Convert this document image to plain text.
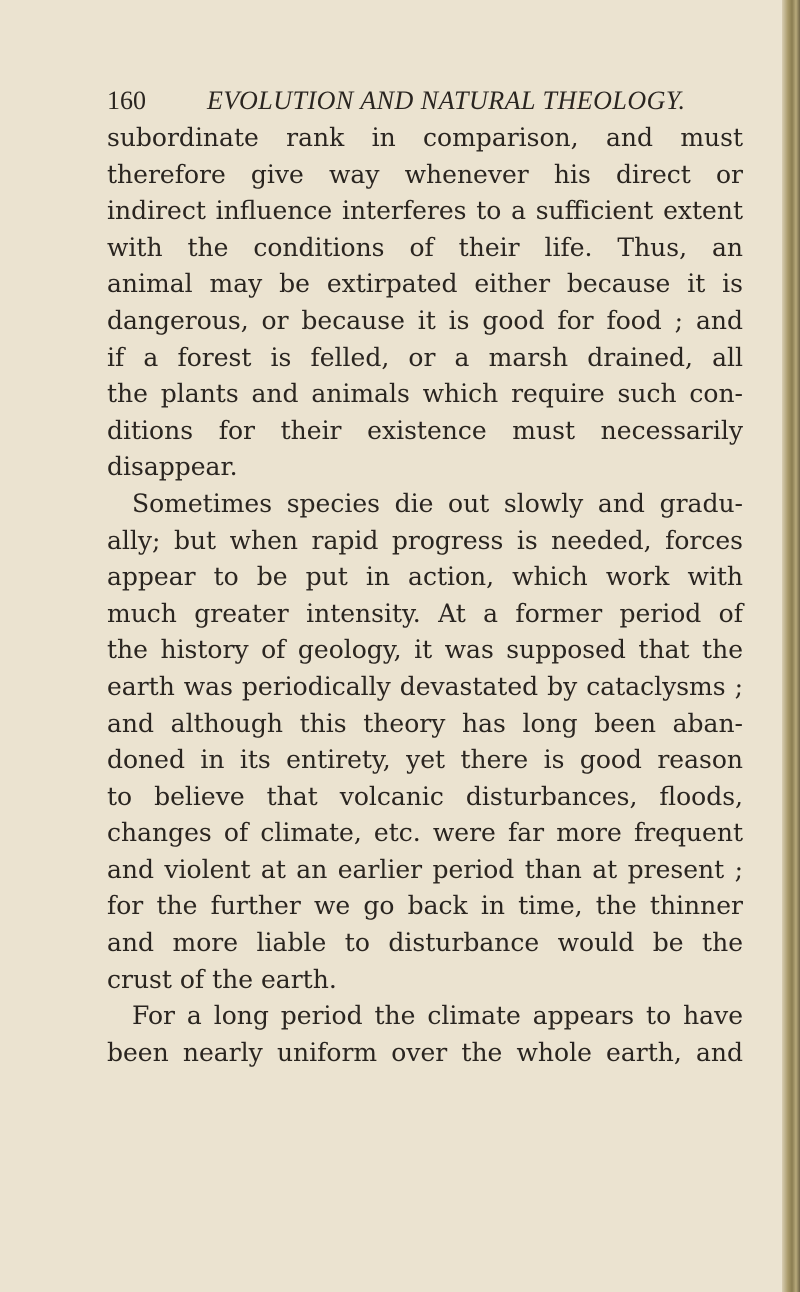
160 EVOLUTION AND NATURAL THEOLOGY.
subordinate rank in comparison, and must
therefore give way whenever his direct or
indirect influence interferes to a sufficient extent
with the conditions of their life. Thus, an
animal may be extirpated either because it is
dangerous, or because it is good for food ; and
if a forest is felled, or a marsh drained, all
the plants and animals which require such con-
ditions for their existence must necessarily
disappear.
Sometimes species die out slowly and gradu-
ally; but when rapid progress is needed, forces
appear to be put in action, which work with
much greater intensity. At a former period of
the history of geology, it was supposed that the
earth was periodically devastated by cataclysms ;
and although this theory has long been aban-
doned in its entirety, yet there is good reason
to believe that volcanic disturbances, floods,
changes of climate, etc. were far more frequent
and violent at an earlier period than at present ;
for the further we go back in time, the thinner
and more liable to disturbance would be the
crust of the earth.
For a long period the climate appears to have
been nearly uniform over the whole earth, and
